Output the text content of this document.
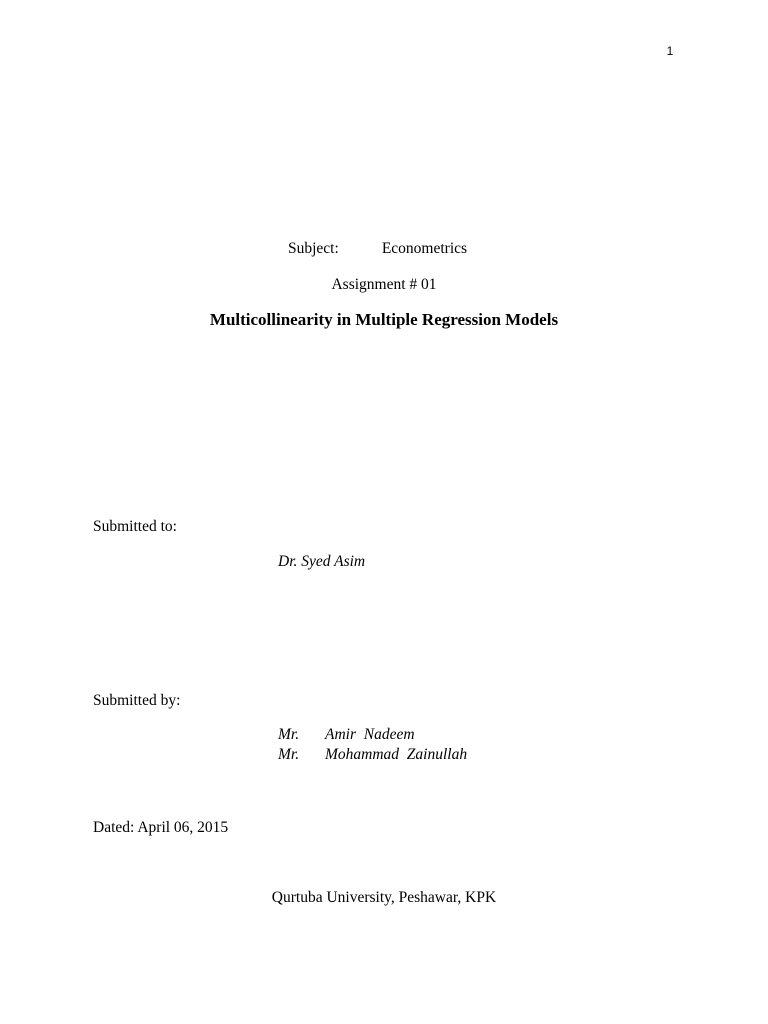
1
Subject:	Econometrics
Assignment # 01
Multicollinearity in Multiple Regression Models
Submitted to:
Dr. Syed Asim
Submitted by:
Mr. Amir  Nadeem
Mr. Mohammad  Zainullah
Dated: April 06, 2015
Qurtuba University, Peshawar, KPK
